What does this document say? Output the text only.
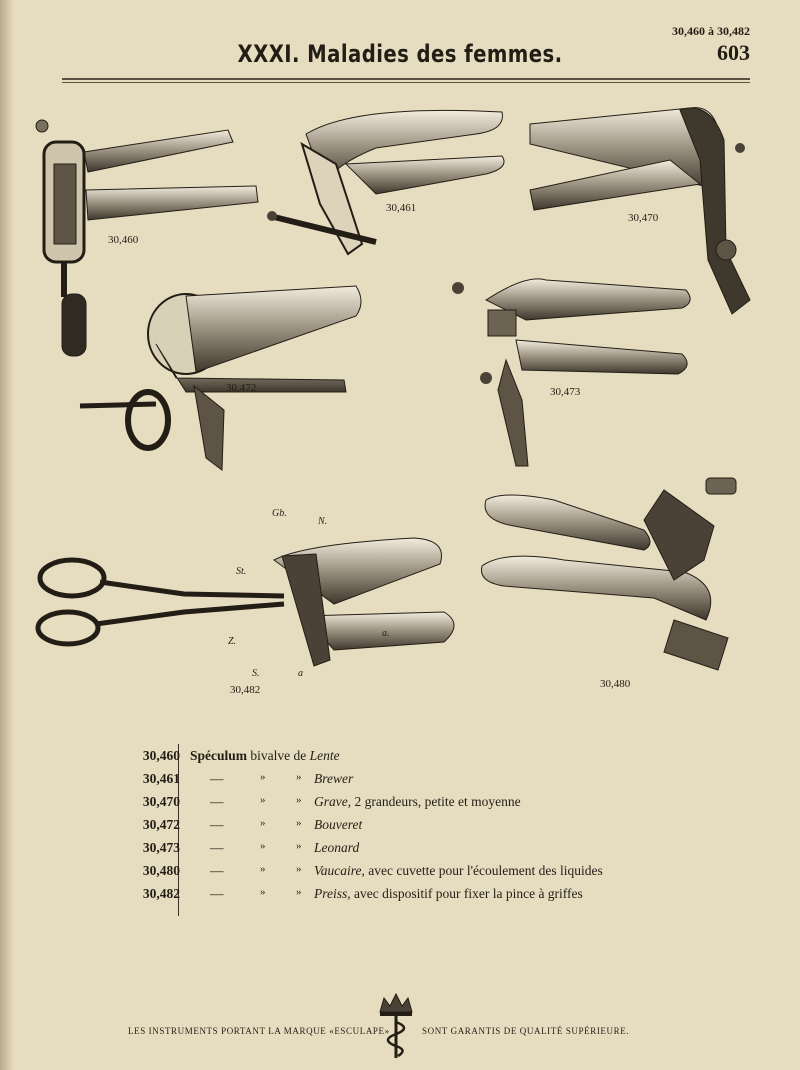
30,460 à 30,482
603
XXXI. Maladies des femmes.
30,460
30,461
30,470
30,472	30,473
30,482	30,480
Gb.
N.
St.
Z.
S.
a.
a
30,460 Spéculum bivalve de Lente
30,461 —	»	» Brewer
30,470 —	»	» Grave, 2 grandeurs, petite et moyenne
30,472 —	»	» Bouveret
30,473 —	»	» Leonard
30,480 —	»	» Vaucaire, avec cuvette pour l'écoulement des liquides
30,482 —	»	» Preiss, avec dispositif pour fixer la pince à griffes
LES INSTRUMENTS PORTANT LA MARQUE «ESCULAPE»	SONT GARANTIS DE QUALITÉ SUPÉRIEURE.
